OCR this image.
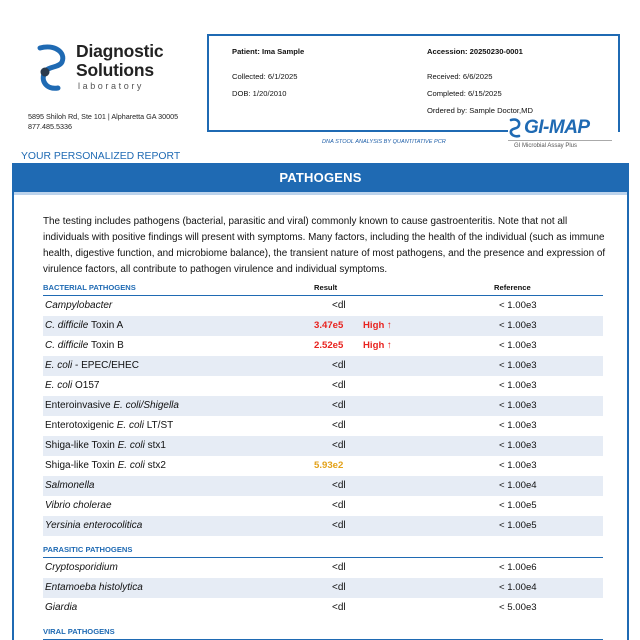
Diagnostic
Solutions
laboratory
5895 Shiloh Rd, Ste 101 | Alpharetta GA 30005
877.485.5336
Patient: Ima Sample
Collected: 6/1/2025
DOB: 1/20/2010
Accession: 20250230-0001
Received: 6/6/2025
Completed: 6/15/2025
Ordered by: Sample Doctor,MD
GI-MAP
GI Microbial Assay Plus
DNA STOOL ANALYSIS BY QUANTITATIVE PCR
YOUR PERSONALIZED REPORT
PATHOGENS
The testing includes pathogens (bacterial, parasitic and viral) commonly known to cause gastroenteritis. Note that not all individuals with positive findings will present with symptoms. Many factors, including the health of the individual (such as immune health, digestive function, and microbiome balance), the transient nature of most pathogens, and the presence and expression of virulence factors, all contribute to pathogen virulence and individual symptoms.
BACTERIAL PATHOGENS	Result	Reference
Campylobacter	<dl	< 1.00e3
C. difficile Toxin A	3.47e5 High ↑	< 1.00e3
C. difficile Toxin B	2.52e5 High ↑	< 1.00e3
E. coli - EPEC/EHEC	<dl	< 1.00e3
E. coli O157	<dl	< 1.00e3
Enteroinvasive E. coli/Shigella	<dl	< 1.00e3
Enterotoxigenic E. coli LT/ST	<dl	< 1.00e3
Shiga-like Toxin E. coli stx1	<dl	< 1.00e3
Shiga-like Toxin E. coli stx2	5.93e2	< 1.00e3
Salmonella	<dl	< 1.00e4
Vibrio cholerae	<dl	< 1.00e5
Yersinia enterocolitica	<dl	< 1.00e5
PARASITIC PATHOGENS
Cryptosporidium	<dl	< 1.00e6
Entamoeba histolytica	<dl	< 1.00e4
Giardia	<dl	< 5.00e3
VIRAL PATHOGENS
